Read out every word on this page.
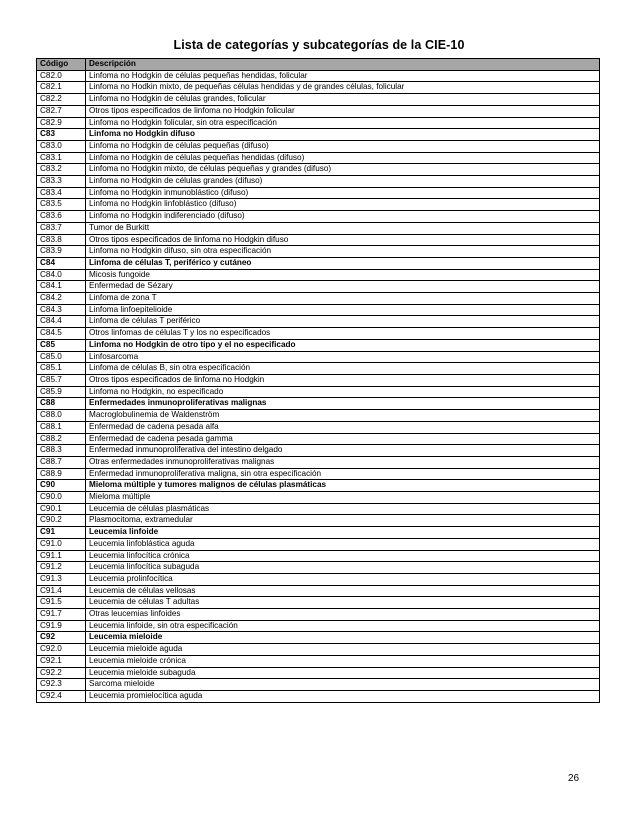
Lista de categorías y subcategorías de la CIE-10
Código	Descripción
C82.0	Linfoma no Hodgkin de células pequeñas hendidas, folicular
C82.1	Linfoma no Hodkin mixto, de pequeñas células hendidas y de grandes células, folicular
C82.2	Linfoma no Hodgkin de células grandes, folicular
C82.7	Otros tipos especificados de linfoma no Hodgkin folicular
C82.9	Linfoma no Hodgkin folicular, sin otra especificación
C83	Linfoma no Hodgkin difuso
C83.0	Linfoma no Hodgkin de células pequeñas (difuso)
C83.1	Linfoma no Hodgkin de células pequeñas hendidas (difuso)
C83.2	Linfoma no Hodgkin mixto, de células pequeñas y grandes (difuso)
C83.3	Linfoma no Hodgkin de células grandes (difuso)
C83.4	Linfoma no Hodgkin inmunoblástico (difuso)
C83.5	Linfoma no Hodgkin linfoblástico (difuso)
C83.6	Linfoma no Hodgkin indiferenciado (difuso)
C83.7	Tumor de Burkitt
C83.8	Otros tipos especificados de linfoma no Hodgkin difuso
C83.9	Linfoma no Hodgkin difuso, sin otra especificación
C84	Linfoma de células T, periférico y cutáneo
C84.0	Micosis fungoide
C84.1	Enfermedad de Sézary
C84.2	Linfoma de zona T
C84.3	Linfoma linfoepitelioide
C84.4	Linfoma de células T periférico
C84.5	Otros linfomas de células T y los no especificados
C85	Linfoma no Hodgkin de otro tipo y el no especificado
C85.0	Linfosarcoma
C85.1	Linfoma de células B, sin otra especificación
C85.7	Otros tipos especificados de linfoma no Hodgkin
C85.9	Linfoma no Hodgkin, no especificado
C88	Enfermedades inmunoproliferativas malignas
C88.0	Macroglobulinemia de Waldenström
C88.1	Enfermedad de cadena pesada alfa
C88.2	Enfermedad de cadena pesada gamma
C88.3	Enfermedad inmunoproliferativa del intestino delgado
C88.7	Otras enfermedades inmunoproliferativas malignas
C88.9	Enfermedad inmunoproliferativa maligna, sin otra especificación
C90	Mieloma múltiple y tumores malignos de células plasmáticas
C90.0	Mieloma múltiple
C90.1	Leucemia de células plasmáticas
C90.2	Plasmocitoma, extramedular
C91	Leucemia linfoide
C91.0	Leucemia linfoblástica aguda
C91.1	Leucemia linfocítica crónica
C91.2	Leucemia linfocítica subaguda
C91.3	Leucemia prolinfocítica
C91.4	Leucemia de células vellosas
C91.5	Leucemia de células T adultas
C91.7	Otras leucemias linfoides
C91.9	Leucemia linfoide, sin otra especificación
C92	Leucemia mieloide
C92.0	Leucemia mieloide aguda
C92.1	Leucemia mieloide crónica
C92.2	Leucemia mieloide subaguda
C92.3	Sarcoma mieloide
C92.4	Leucemia promielocítica aguda
26
